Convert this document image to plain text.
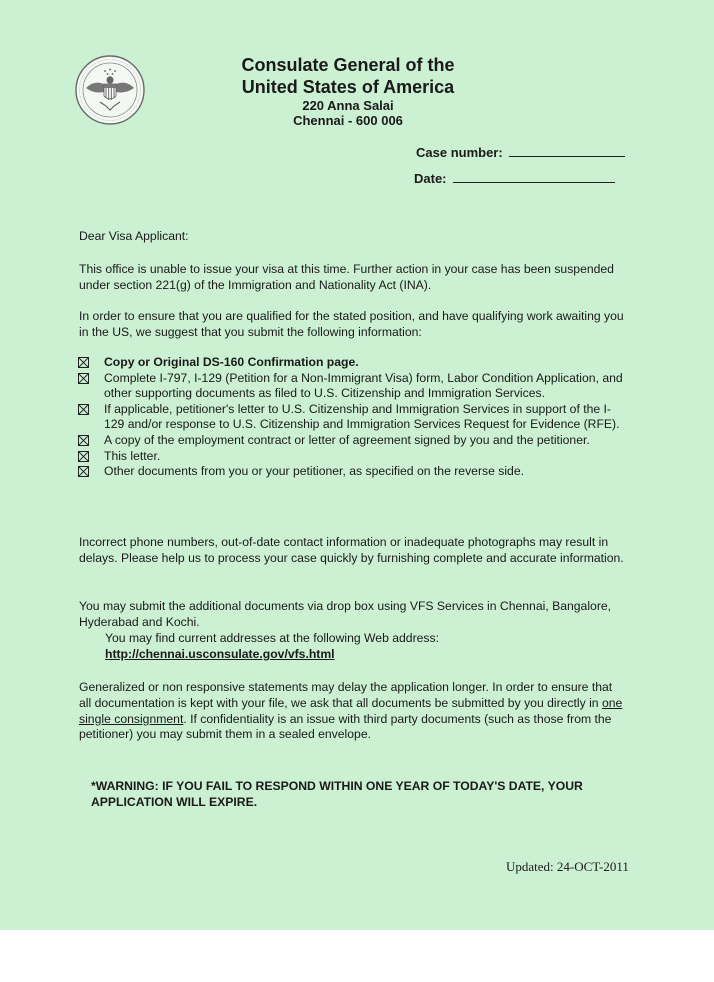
Consulate General of the
United States of America
220 Anna Salai
Chennai - 600 006
Case number:
Date:
Dear Visa Applicant:
This office is unable to issue your visa at this time. Further action in your case has been suspended under section 221(g) of the Immigration and Nationality Act (INA).
In order to ensure that you are qualified for the stated position, and have qualifying work awaiting you in the US, we suggest that you submit the following information:
Copy or Original DS-160 Confirmation page.
Complete I-797, I-129 (Petition for a Non-Immigrant Visa) form, Labor Condition Application, and other supporting documents as filed to U.S. Citizenship and Immigration Services.
If applicable, petitioner's letter to U.S. Citizenship and Immigration Services in support of the I-129 and/or response to U.S. Citizenship and Immigration Services Request for Evidence (RFE).
A copy of the employment contract or letter of agreement signed by you and the petitioner.
This letter.
Other documents from you or your petitioner, as specified on the reverse side.
Incorrect phone numbers, out-of-date contact information or inadequate photographs may result in delays. Please help us to process your case quickly by furnishing complete and accurate information.
You may submit the additional documents via drop box using VFS Services in Chennai, Bangalore, Hyderabad and Kochi.
You may find current addresses at the following Web address:
http://chennai.usconsulate.gov/vfs.html
Generalized or non responsive statements may delay the application longer. In order to ensure that all documentation is kept with your file, we ask that all documents be submitted by you directly in one single consignment. If confidentiality is an issue with third party documents (such as those from the petitioner) you may submit them in a sealed envelope.
*WARNING: IF YOU FAIL TO RESPOND WITHIN ONE YEAR OF TODAY'S DATE, YOUR APPLICATION WILL EXPIRE.
Updated: 24-OCT-2011
